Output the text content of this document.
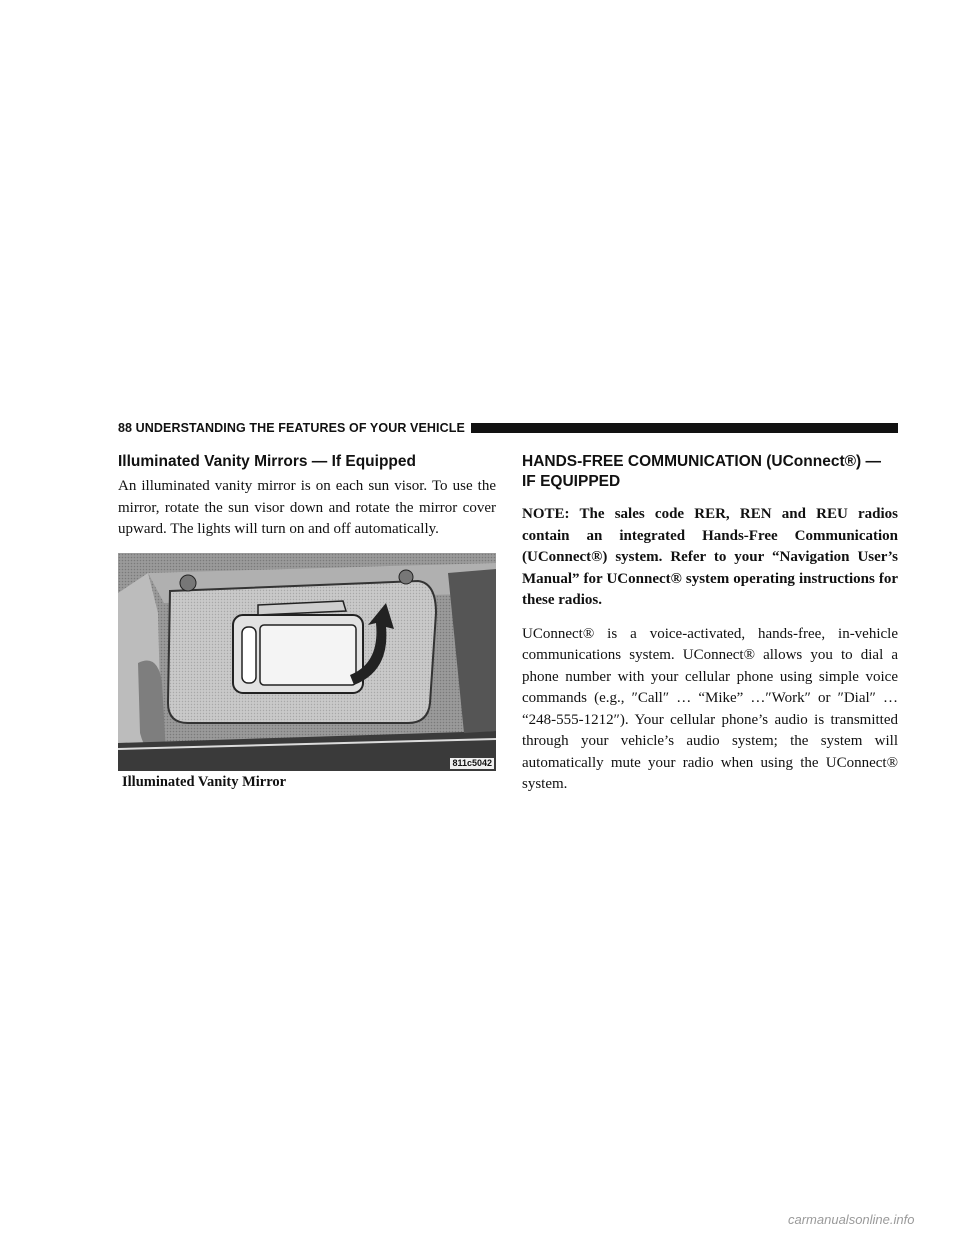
88 UNDERSTANDING THE FEATURES OF YOUR VEHICLE
Illuminated Vanity Mirrors — If Equipped

An illuminated vanity mirror is on each sun visor. To use the mirror, rotate the sun visor down and rotate the mirror cover upward. The lights will turn on and off automatically.

811c5042
Illuminated Vanity Mirror
HANDS-FREE COMMUNICATION (UConnect®) — IF EQUIPPED

NOTE: The sales code RER, REN and REU radios contain an integrated Hands-Free Communication (UConnect®) system. Refer to your “Navigation User’s Manual” for UConnect® system operating instructions for these radios.

UConnect® is a voice-activated, hands-free, in-vehicle communications system. UConnect® allows you to dial a phone number with your cellular phone using simple voice commands (e.g., ″Call″ … “Mike” …″Work″ or ″Dial″ … “248-555-1212″). Your cellular phone’s audio is transmitted through your vehicle’s audio system; the system will automatically mute your radio when using the UConnect® system.

carmanualsonline.info
